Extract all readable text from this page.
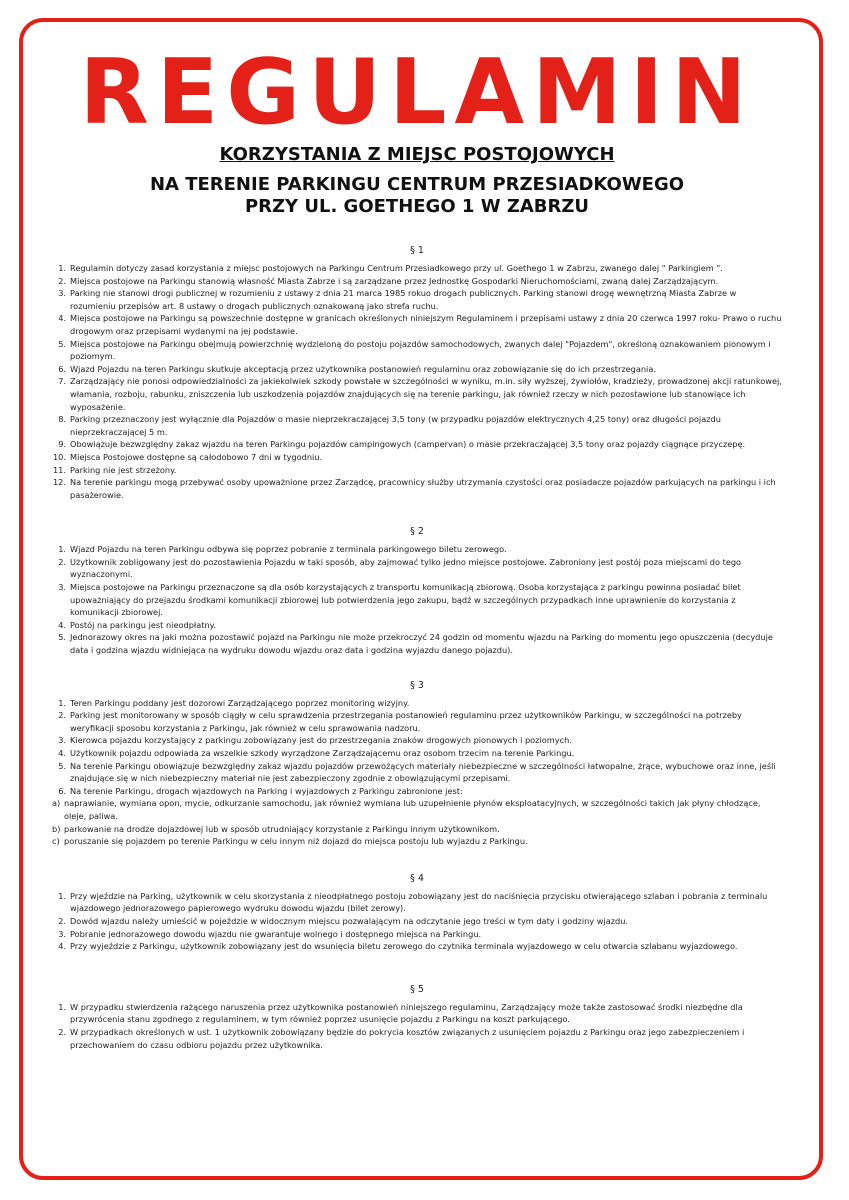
REGULAMIN
KORZYSTANIA Z MIEJSC POSTOJOWYCH
NA TERENIE PARKINGU CENTRUM PRZESIADKOWEGO
PRZY UL. GOETHEGO 1 W ZABRZU
§ 1
1. Regulamin dotyczy zasad korzystania z miejsc postojowych na Parkingu Centrum Przesiadkowego przy ul. Goethego 1 w Zabrzu, zwanego dalej " Parkingiem ".
2. Miejsca postojowe na Parkingu stanowią własność Miasta Zabrze i są zarządzane przez Jednostkę Gospodarki Nieruchomościami, zwaną dalej Zarządzającym.
3. Parking nie stanowi drogi publicznej w rozumieniu z ustawy z dnia 21 marca 1985 rokuo drogach publicznych. Parking stanowi drogę wewnętrzną Miasta Zabrze w rozumieniu przepisów art. 8 ustawy o drogach publicznych oznakowaną jako strefa ruchu.
4. Miejsca postojowe na Parkingu są powszechnie dostępne w granicach określonych niniejszym Regulaminem i przepisami ustawy z dnia 20 czerwca 1997 roku- Prawo o ruchu drogowym oraz przepisami wydanymi na jej podstawie.
5. Miejsca postojowe na Parkingu obejmują powierzchnię wydzieloną do postoju pojazdów samochodowych, zwanych dalej "Pojazdem", określoną oznakowaniem pionowym i poziomym.
6. Wjazd Pojazdu na teren Parkingu skutkuje akceptacją przez użytkownika postanowień regulaminu oraz zobowiązanie się do ich przestrzegania.
7. Zarządzający nie ponosi odpowiedzialności za jakiekolwiek szkody powstałe w szczególności w wyniku, m.in. siły wyższej, żywiołów, kradzieży, prowadzonej akcji ratunkowej, włamania, rozboju, rabunku, zniszczenia lub uszkodzenia pojazdów znajdujących się na terenie parkingu, jak również rzeczy w nich pozostawione lub stanowiące ich wyposażenie.
8. Parking przeznaczony jest wyłącznie dla Pojazdów o masie nieprzekraczającej 3,5 tony (w przypadku pojazdów elektrycznych 4,25 tony) oraz długości pojazdu nieprzekraczającej 5 m.
9. Obowiązuje bezwzględny zakaz wjazdu na teren Parkingu pojazdów campingowych (campervan) o masie przekraczającej 3,5 tony oraz pojazdy ciągnące przyczepę.
10. Miejsca Postojowe dostępne są całodobowo 7 dni w tygodniu.
11. Parking nie jest strzeżony.
12. Na terenie parkingu mogą przebywać osoby upoważnione przez Zarządcę, pracownicy służby utrzymania czystości oraz posiadacze pojazdów parkujących na parkingu i ich pasażerowie.
§ 2
1. Wjazd Pojazdu na teren Parkingu odbywa się poprzez pobranie z terminala parkingowego biletu zerowego.
2. Użytkownik zobligowany jest do pozostawienia Pojazdu w taki sposób, aby zajmować tylko jedno miejsce postojowe. Zabroniony jest postój poza miejscami do tego wyznaczonymi.
3. Miejsca postojowe na Parkingu przeznaczone są dla osób korzystających z transportu komunikacją zbiorową. Osoba korzystająca z parkingu powinna posiadać bilet upoważniający do przejazdu środkami komunikacji zbiorowej lub potwierdzenia jego zakupu, bądź w szczególnych przypadkach inne uprawnienie do korzystania z komunikacji zbiorowej.
4. Postój na parkingu jest nieodpłatny.
5. Jednorazowy okres na jaki można pozostawić pojazd na Parkingu nie może przekroczyć 24 godzin od momentu wjazdu na Parking do momentu jego opuszczenia (decyduje data i godzina wjazdu widniejąca na wydruku dowodu wjazdu oraz data i godzina wyjazdu danego pojazdu).
§ 3
1. Teren Parkingu poddany jest dozorowi Zarządzającego poprzez monitoring wizyjny.
2. Parking jest monitorowany w sposób ciągły w celu sprawdzenia przestrzegania postanowień regulaminu przez użytkowników Parkingu, w szczególności na potrzeby weryfikacji sposobu korzystania z Parkingu, jak również w celu sprawowania nadzoru.
3. Kierowca pojazdu korzystający z parkingu zobowiązany jest do przestrzegania znaków drogowych pionowych i poziomych.
4. Użytkownik pojazdu odpowiada za wszelkie szkody wyrządzone Zarządzającemu oraz osobom trzecim na terenie Parkingu.
5. Na terenie Parkingu obowiązuje bezwzględny zakaz wjazdu pojazdów przewożących materiały niebezpieczne w szczególności łatwopalne, żrące, wybuchowe oraz inne, jeśli znajdujące się w nich niebezpieczny materiał nie jest zabezpieczony zgodnie z obowiązującymi przepisami.
6. Na terenie Parkingu, drogach wjazdowych na Parking i wyjazdowych z Parkingu zabronione jest:
a) naprawianie, wymiana opon, mycie, odkurzanie samochodu, jak również wymiana lub uzupełnienie płynów eksploatacyjnych, w szczególności takich jak płyny chłodzące, oleje, paliwa.
b) parkowanie na drodze dojazdowej lub w sposób utrudniający korzystanie z Parkingu innym użytkownikom.
c) poruszanie się pojazdem po terenie Parkingu w celu innym niż dojazd do miejsca postoju lub wyjazdu z Parkingu.
§ 4
1. Przy wjeździe na Parking, użytkownik w celu skorzystania z nieodpłatnego postoju zobowiązany jest do naciśnięcia przycisku otwierającego szlaban i pobrania z terminalu wjazdowego jednorazowego papierowego wydruku dowodu wjazdu (bilet zerowy).
2. Dowód wjazdu należy umieścić w pojeździe w widocznym miejscu pozwalającym na odczytanie jego treści w tym daty i godziny wjazdu.
3. Pobranie jednorazowego dowodu wjazdu nie gwarantuje wolnego i dostępnego miejsca na Parkingu.
4. Przy wyjeździe z Parkingu, użytkownik zobowiązany jest do wsunięcia biletu zerowego do czytnika terminala wyjazdowego w celu otwarcia szlabanu wyjazdowego.
§ 5
1. W przypadku stwierdzenia rażącego naruszenia przez użytkownika postanowień niniejszego regulaminu, Zarządzający może także zastosować środki niezbędne dla przywrócenia stanu zgodnego z regulaminem, w tym również poprzez usunięcie pojazdu z Parkingu na koszt parkującego.
2. W przypadkach określonych w ust. 1 użytkownik zobowiązany będzie do pokrycia kosztów związanych z usunięciem pojazdu z Parkingu oraz jego zabezpieczeniem i przechowaniem do czasu odbioru pojazdu przez użytkownika.
